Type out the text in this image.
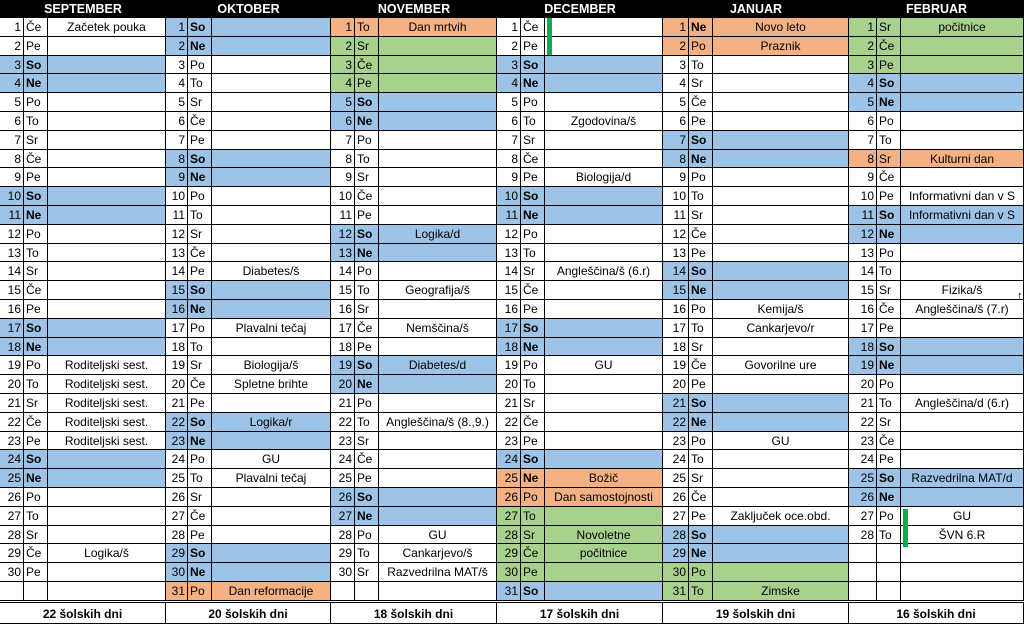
SEPTEMBER
1 Če	Začetek pouka
2 Pe
3 So
4 Ne
5 Po
6 To
7 Sr
8 Če
9 Pe
10 So
11 Ne
12 Po
13 To
14 Sr
15 Če
16 Pe
17 So
18 Ne
19 Po	Roditeljski sest.
20 To	Roditeljski sest.
21 Sr	Roditeljski sest.
22 Če	Roditeljski sest.
23 Pe	Roditeljski sest.
24 So
25 Ne
26 Po
27 To
28 Sr
29 Če	Logika/š
30 Pe
22 šolskih dni
OKTOBER
1 So
2 Ne
3 Po
4 To
5 Sr
6 Če
7 Pe
8 So
9 Ne
10 Po
11 To
12 Sr
13 Če
14 Pe	Diabetes/š
15 So
16 Ne
17 Po	Plavalni tečaj
18 To
19 Sr	Biologija/š
20 Če	Spletne brihte
21 Pe
22 So	Logika/r
23 Ne
24 Po	GU
25 To	Plavalni tečaj
26 Sr
27 Če
28 Pe
29 So
30 Ne
31 Po	Dan reformacije
20 šolskih dni
NOVEMBER
1 To	Dan mrtvih
2 Sr
3 Če
4 Pe
5 So
6 Ne
7 Po
8 To
9 Sr
10 Če
11 Pe
12 So	Logika/d
13 Ne
14 Po
15 To	Geografija/š
16 Sr
17 Če	Nemščina/š
18 Pe
19 So	Diabetes/d
20 Ne
21 Po
22 To	Angleščina/š (8.,9.)
23 Sr
24 Če
25 Pe
26 So
27 Ne
28 Po	GU
29 To	Cankarjevo/š
30 Sr	Razvedrilna MAT/š
18 šolskih dni
DECEMBER
1 Če
2 Pe
3 So
4 Ne
5 Po
6 To	Zgodovina/š
7 Sr
8 Če
9 Pe	Biologija/d
10 So
11 Ne
12 Po
13 To
14 Sr	Angleščina/š (6.r)
15 Če
16 Pe
17 So
18 Ne
19 Po	GU
20 To
21 Sr
22 Če
23 Pe
24 So
25 Ne	Božič
26 Po	Dan samostojnosti
27 To
28 Sr	Novoletne
29 Če	počitnice
30 Pe
31 So
17 šolskih dni
JANUAR
1 Ne	Novo leto
2 Po	Praznik
3 To
4 Sr
5 Če
6 Pe
7 So
8 Ne
9 Po
10 To
11 Sr
12 Če
13 Pe
14 So
15 Ne
16 Po	Kemija/š
17 To	Cankarjevo/r
18 Sr
19 Če	Govorilne ure
20 Pe
21 So
22 Ne
23 Po	GU
24 To
25 Sr
26 Če
27 Pe	Zaključek oce.obd.
28 So
29 Ne
30 Po
31 To	Zimske
19 šolskih dni
FEBRUAR
1 Sr	počitnice
2 Če
3 Pe
4 So
5 Ne
6 Po
7 To
8 Sr	Kulturni dan
9 Če
10 Pe	Informativni dan v S
11 So	Informativni dan v S
12 Ne
13 Po
14 To
15 Sr	Fizika/š
16 Če	Angleščina/š (7.r)
17 Pe
18 So
19 Ne
20 Po
21 To	Angleščina/d (6.r)
22 Sr
23 Če
24 Pe
25 So	Razvedrilna MAT/d
26 Ne
27 Po	GU
28 To	ŠVN 6.R
16 šolskih dni
↑
